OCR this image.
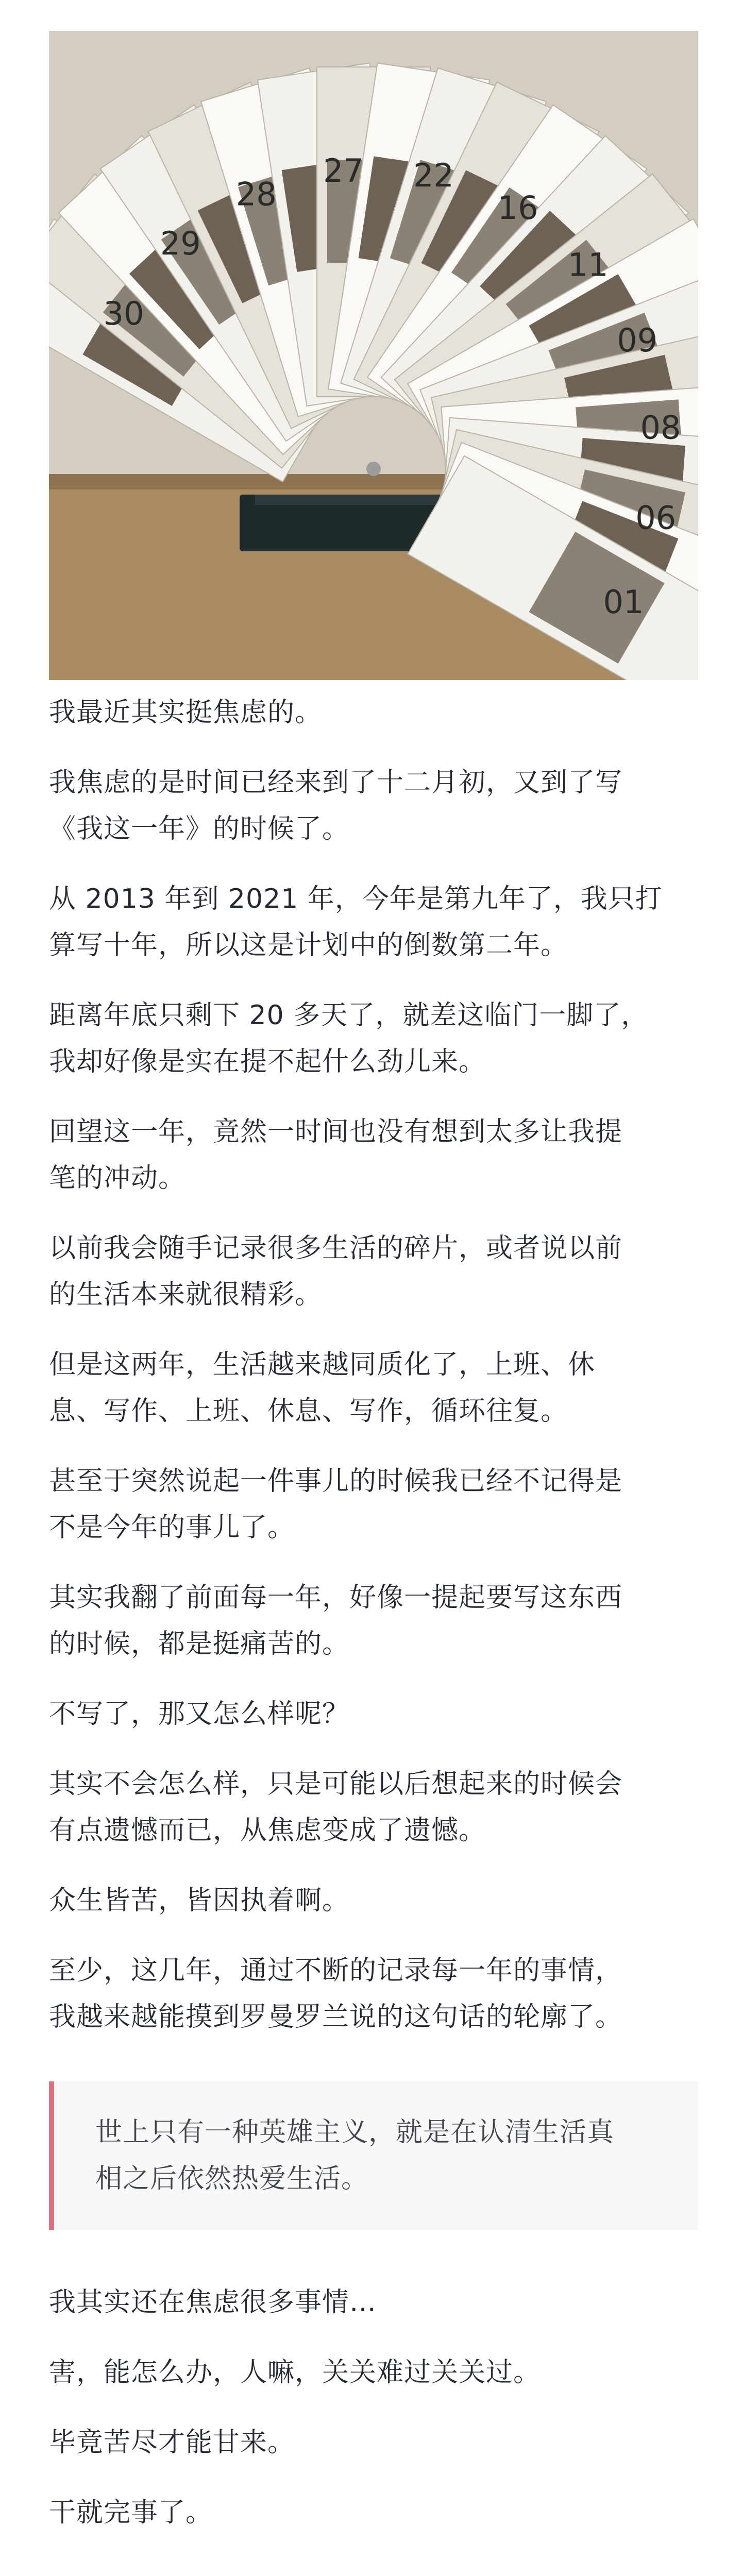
30
29
28
27 22
16
11
09
08
06
01

我最近其实挺焦虑的。

我焦虑的是时间已经来到了十二月初，又到了写

《我这一年》的时候了。

从 2013 年到 2021 年，今年是第九年了，我只打

算写十年，所以这是计划中的倒数第二年。

距离年底只剩下 20 多天了，就差这临门一脚了，

我却好像是实在提不起什么劲儿来。

回望这一年，竟然一时间也没有想到太多让我提

笔的冲动。

以前我会随手记录很多生活的碎片，或者说以前

的生活本来就很精彩。

但是这两年，生活越来越同质化了，上班、休

息、写作、上班、休息、写作，循环往复。

甚至于突然说起一件事儿的时候我已经不记得是

不是今年的事儿了。

其实我翻了前面每一年，好像一提起要写这东西

的时候，都是挺痛苦的。

不写了，那又怎么样呢？

其实不会怎么样，只是可能以后想起来的时候会

有点遗憾而已，从焦虑变成了遗憾。

众生皆苦，皆因执着啊。

至少，这几年，通过不断的记录每一年的事情，

我越来越能摸到罗曼罗兰说的这句话的轮廓了。

世上只有一种英雄主义，就是在认清生活真

相之后依然热爱生活。

我其实还在焦虑很多事情…

害，能怎么办，人嘛，关关难过关关过。

毕竟苦尽才能甘来。

干就完事了。
